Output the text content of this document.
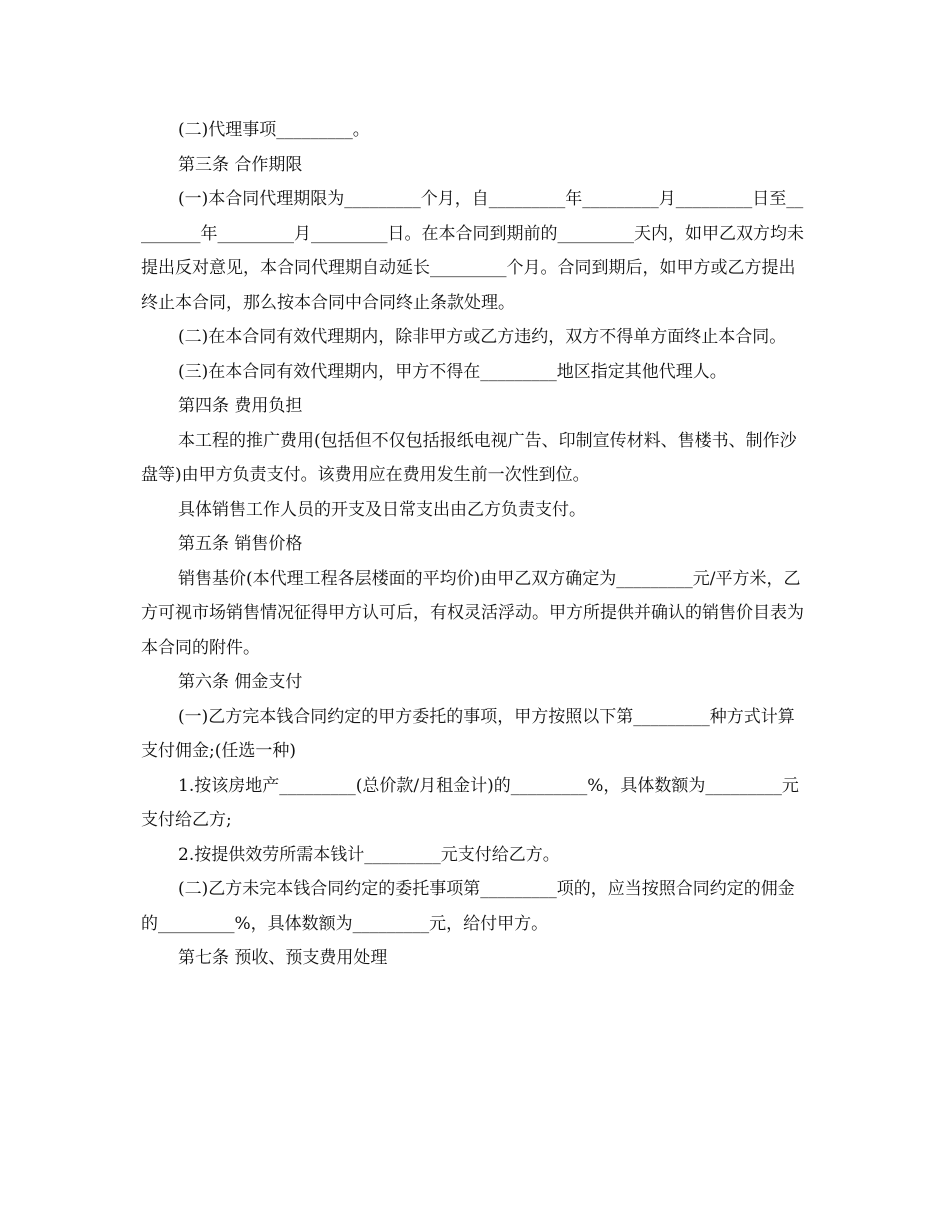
(二)代理事项_________。

第三条 合作期限

(一)本合同代理期限为_________个月，自_________年_________月_________日至_________年_________月_________日。在本合同到期前的_________天内，如甲乙双方均未提出反对意见，本合同代理期自动延长_________个月。合同到期后，如甲方或乙方提出终止本合同，那么按本合同中合同终止条款处理。

(二)在本合同有效代理期内，除非甲方或乙方违约，双方不得单方面终止本合同。

(三)在本合同有效代理期内，甲方不得在_________地区指定其他代理人。

第四条 费用负担

本工程的推广费用(包括但不仅包括报纸电视广告、印制宣传材料、售楼书、制作沙盘等)由甲方负责支付。该费用应在费用发生前一次性到位。

具体销售工作人员的开支及日常支出由乙方负责支付。

第五条 销售价格

销售基价(本代理工程各层楼面的平均价)由甲乙双方确定为_________元/平方米，乙方可视市场销售情况征得甲方认可后，有权灵活浮动。甲方所提供并确认的销售价目表为本合同的附件。

第六条 佣金支付

(一)乙方完本钱合同约定的甲方委托的事项，甲方按照以下第_________种方式计算支付佣金;(任选一种)

1.按该房地产_________(总价款/月租金计)的_________%，具体数额为_________元支付给乙方;

2.按提供效劳所需本钱计_________元支付给乙方。

(二)乙方未完本钱合同约定的委托事项第_________项的，应当按照合同约定的佣金的_________%，具体数额为_________元，给付甲方。

第七条 预收、预支费用处理
